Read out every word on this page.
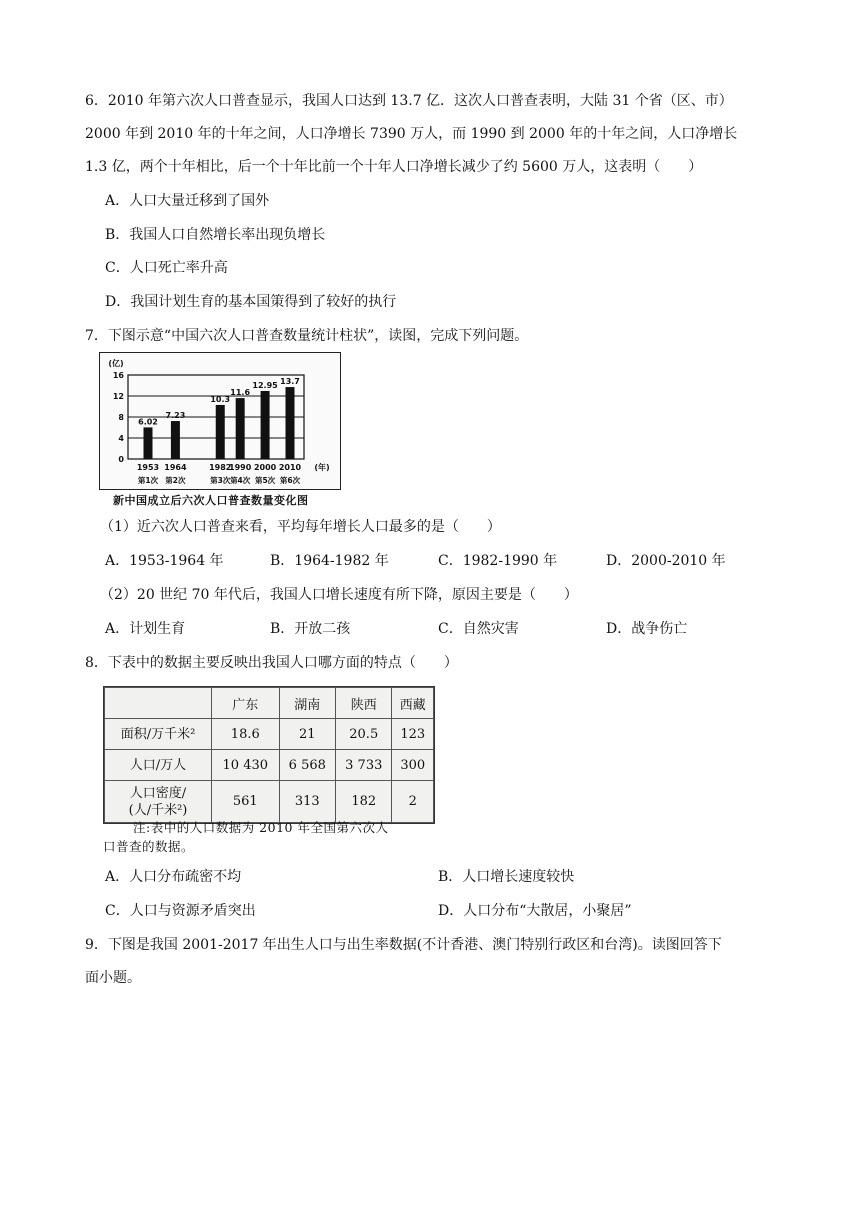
6．2010 年第六次人口普查显示，我国人口达到 13.7 亿．这次人口普查表明，大陆 31 个省（区、市）
2000 年到 2010 年的十年之间，人口净增长 7390 万人，而 1990 到 2000 年的十年之间，人口净增长
1.3 亿，两个十年相比，后一个十年比前一个十年人口净增长减少了约 5600 万人，这表明（　　）
A．人口大量迁移到了国外
B．我国人口自然增长率出现负增长
C．人口死亡率升高
D．我国计划生育的基本国策得到了较好的执行
7．下图示意“中国六次人口普查数量统计柱状”，读图，完成下列问题。
0
4
8
12
16
(亿)
6.02
1953
第1次
7.23
1964
第2次
10.3
1982
第3次
11.6
1990
第4次
12.95
2000
第5次
13.7
2010
第6次
(年)
新中国成立后六次人口普查数量变化图
（1）近六次人口普查来看，平均每年增长人口最多的是（　　）
A．1953-1964 年	B．1964-1982 年	C．1982-1990 年	D．2000-2010 年
（2）20 世纪 70 年代后，我国人口增长速度有所下降，原因主要是（　　）
A．计划生育	B．开放二孩	C．自然灾害	D．战争伤亡
8．下表中的数据主要反映出我国人口哪方面的特点（　　）
	广东	湖南	陕西	西藏
面积/万千米²	18.6	21	20.5	123
人口/万人	10 430	6 568	3 733	300

人口密度/
(人/千米²)	561	313	182	2
注:表中的人口数据为 2010 年全国第六次人
口普查的数据。
A．人口分布疏密不均	B．人口增长速度较快
C．人口与资源矛盾突出	D．人口分布“大散居，小聚居”
9．下图是我国 2001-2017 年出生人口与出生率数据(不计香港、澳门特别行政区和台湾)。读图回答下
面小题。
